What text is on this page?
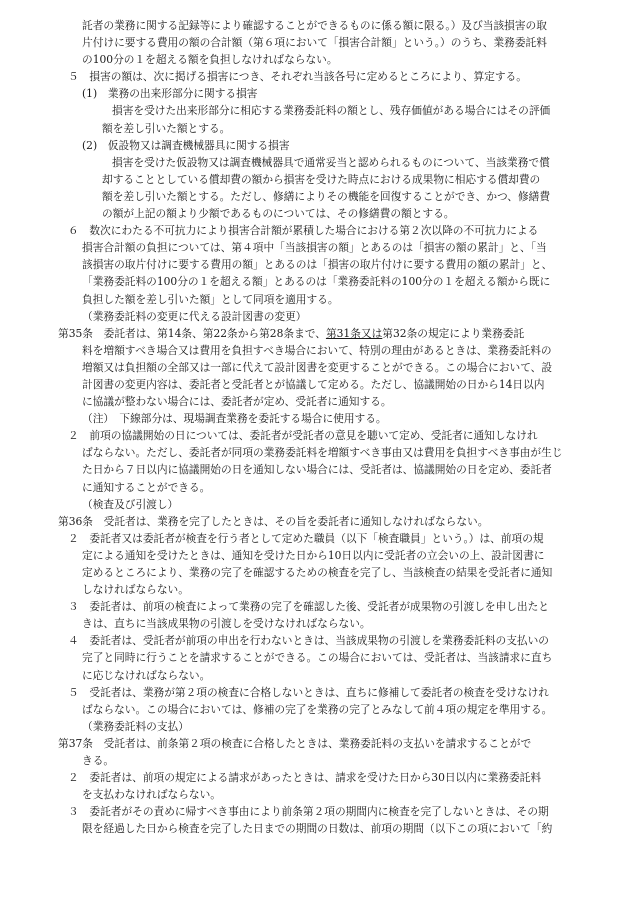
託者の業務に関する記録等により確認することができるものに係る額に限る。）及び当該損害の取
片付けに要する費用の額の合計額（第６項において「損害合計額」という。）のうち、業務委託料
の100分の１を超える額を負担しなければならない。
５　損害の額は、次に掲げる損害につき、それぞれ当該各号に定めるところにより、算定する。
(1)　業務の出来形部分に関する損害
損害を受けた出来形部分に相応する業務委託料の額とし、残存価値がある場合にはその評価
額を差し引いた額とする。
(2)　仮設物又は調査機械器具に関する損害
損害を受けた仮設物又は調査機械器具で通常妥当と認められるものについて、当該業務で償
却することとしている償却費の額から損害を受けた時点における成果物に相応する償却費の
額を差し引いた額とする。ただし、修繕によりその機能を回復することができ、かつ、修繕費
の額が上記の額より少額であるものについては、その修繕費の額とする。
６　数次にわたる不可抗力により損害合計額が累積した場合における第２次以降の不可抗力による
損害合計額の負担については、第４項中「当該損害の額」とあるのは「損害の額の累計」と、「当
該損害の取片付けに要する費用の額」とあるのは「損害の取片付けに要する費用の額の累計」と、
「業務委託料の100分の１を超える額」とあるのは「業務委託料の100分の１を超える額から既に
負担した額を差し引いた額」として同項を適用する。
（業務委託料の変更に代える設計図書の変更）
第35条　委託者は、第14条、第22条から第28条まで、第31条又は第32条の規定により業務委託
料を増額すべき場合又は費用を負担すべき場合において、特別の理由があるときは、業務委託料の
増額又は負担額の全部又は一部に代えて設計図書を変更することができる。この場合において、設
計図書の変更内容は、委託者と受託者とが協議して定める。ただし、協議開始の日から14日以内
に協議が整わない場合には、委託者が定め、受託者に通知する。
（注）　下線部分は、現場調査業務を委託する場合に使用する。
２　前項の協議開始の日については、委託者が受託者の意見を聴いて定め、受託者に通知しなけれ
ばならない。ただし、委託者が同項の業務委託料を増額すべき事由又は費用を負担すべき事由が生じ
た日から７日以内に協議開始の日を通知しない場合には、受託者は、協議開始の日を定め、委託者
に通知することができる。
（検査及び引渡し）
第36条　受託者は、業務を完了したときは、その旨を委託者に通知しなければならない。
２　委託者又は委託者が検査を行う者として定めた職員（以下「検査職員」という。）は、前項の規
定による通知を受けたときは、通知を受けた日から10日以内に受託者の立会いの上、設計図書に
定めるところにより、業務の完了を確認するための検査を完了し、当該検査の結果を受託者に通知
しなければならない。
３　委託者は、前項の検査によって業務の完了を確認した後、受託者が成果物の引渡しを申し出たと
きは、直ちに当該成果物の引渡しを受けなければならない。
４　委託者は、受託者が前項の申出を行わないときは、当該成果物の引渡しを業務委託料の支払いの
完了と同時に行うことを請求することができる。この場合においては、受託者は、当該請求に直ち
に応じなければならない。
５　受託者は、業務が第２項の検査に合格しないときは、直ちに修補して委託者の検査を受けなけれ
ばならない。この場合においては、修補の完了を業務の完了とみなして前４項の規定を準用する。
（業務委託料の支払）
第37条　受託者は、前条第２項の検査に合格したときは、業務委託料の支払いを請求することがで
きる。
２　委託者は、前項の規定による請求があったときは、請求を受けた日から30日以内に業務委託料
を支払わなければならない。
３　委託者がその責めに帰すべき事由により前条第２項の期間内に検査を完了しないときは、その期
限を経過した日から検査を完了した日までの期間の日数は、前項の期間（以下この項において「約
